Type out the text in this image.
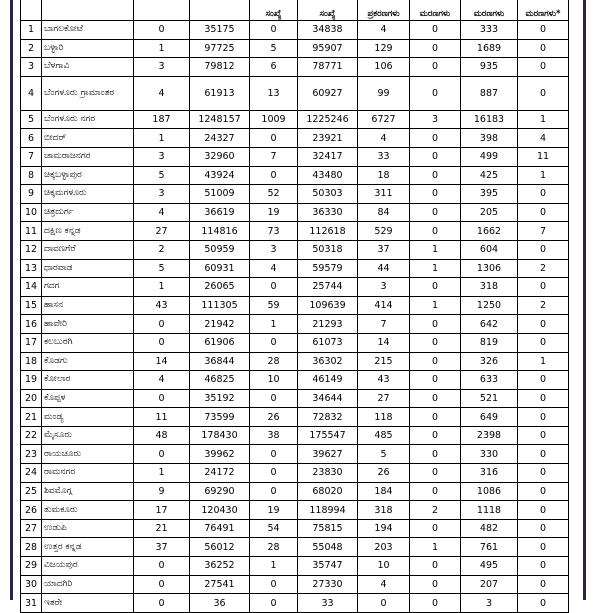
				ಸಂಖ್ಯೆ	ಸಂಖ್ಯೆ	ಪ್ರಕರಣಗಳು	ಮರಣಗಳು	ಮರಣಗಳು	ಮರಣಗಳು*
1	ಬಾಗಲಕೋಟೆ	0	35175	0	34838	4	0	333	0
2	ಬಳ್ಳಾರಿ	1	97725	5	95907	129	0	1689	0
3	ಬೆಳಗಾವಿ	3	79812	6	78771	106	0	935	0
4	ಬೆಂಗಳೂರು ಗ್ರಾಮಾಂತರ	4	61913	13	60927	99	0	887	0
5	ಬೆಂಗಳೂರು ನಗರ	187	1248157	1009	1225246	6727	3	16183	1
6	ಬೀದರ್	1	24327	0	23921	4	0	398	4
7	ಚಾಮರಾಜನಗರ	3	32960	7	32417	33	0	499	11
8	ಚಿಕ್ಕಬಳ್ಳಾಪುರ	5	43924	0	43480	18	0	425	1
9	ಚಿಕ್ಕಮಗಳೂರು	3	51009	52	50303	311	0	395	0
10	ಚಿತ್ರದುರ್ಗ	4	36619	19	36330	84	0	205	0
11	ದಕ್ಷಿಣ ಕನ್ನಡ	27	114816	73	112618	529	0	1662	7
12	ದಾವಣಗೆರೆ	2	50959	3	50318	37	1	604	0
13	ಧಾರವಾಡ	5	60931	4	59579	44	1	1306	2
14	ಗದಗ	1	26065	0	25744	3	0	318	0
15	ಹಾಸನ	43	111305	59	109639	414	1	1250	2
16	ಹಾವೇರಿ	0	21942	1	21293	7	0	642	0
17	ಕಲಬುರಗಿ	0	61906	0	61073	14	0	819	0
18	ಕೊಡಗು	14	36844	28	36302	215	0	326	1
19	ಕೋಲಾರ	4	46825	10	46149	43	0	633	0
20	ಕೊಪ್ಪಳ	0	35192	0	34644	27	0	521	0
21	ಮಂಡ್ಯ	11	73599	26	72832	118	0	649	0
22	ಮೈಸೂರು	48	178430	38	175547	485	0	2398	0
23	ರಾಯಚೂರು	0	39962	0	39627	5	0	330	0
24	ರಾಮನಗರ	1	24172	0	23830	26	0	316	0
25	ಶಿವಮೊಗ್ಗ	9	69290	0	68020	184	0	1086	0
26	ತುಮಕೂರು	17	120430	19	118994	318	2	1118	0
27	ಉಡುಪಿ	21	76491	54	75815	194	0	482	0
28	ಉತ್ತರ ಕನ್ನಡ	37	56012	28	55048	203	1	761	0
29	ವಿಜಯಪುರ	0	36252	1	35747	10	0	495	0
30	ಯಾದಗಿರಿ	0	27541	0	27330	4	0	207	0
31	ಇತರೇ	0	36	0	33	0	0	3	0
